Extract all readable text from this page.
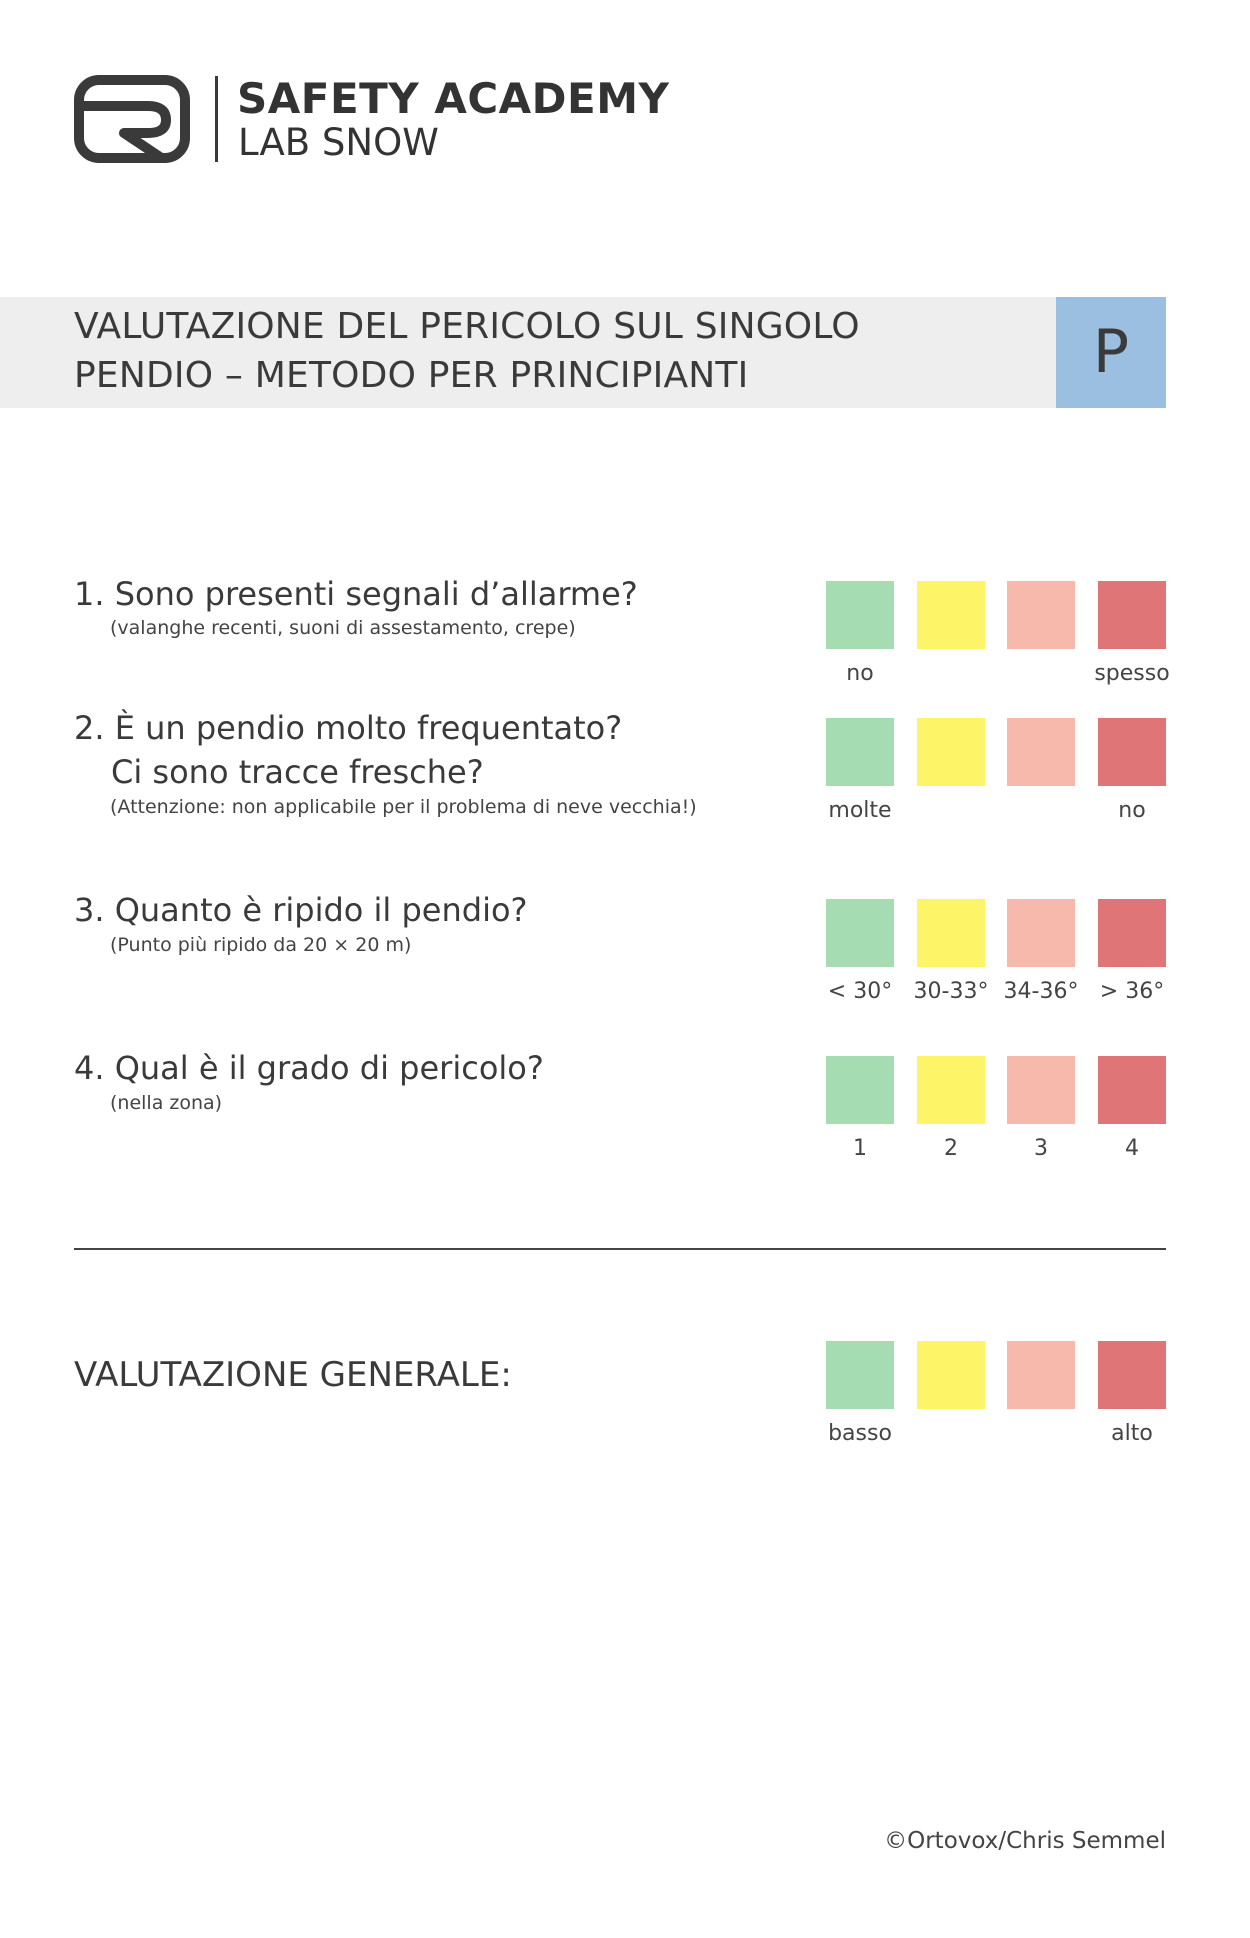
SAFETY ACADEMY
LAB SNOW
VALUTAZIONE DEL PERICOLO SUL SINGOLO
PENDIO – METODO PER PRINCIPIANTI	P
1. Sono presenti segnali d’allarme?
(valanghe recenti, suoni di assestamento, crepe)
no	spesso
2. È un pendio molto frequentato?
Ci sono tracce fresche?
(Attenzione: non applicabile per il problema di neve vecchia!)	molte	no
3. Quanto è ripido il pendio?
(Punto più ripido da 20 × 20 m)
< 30° 30-33° 34-36° > 36°
4. Qual è il grado di pericolo?
(nella zona)
1	2	3	4
VALUTAZIONE GENERALE:
basso	alto
©Ortovox/Chris Semmel
